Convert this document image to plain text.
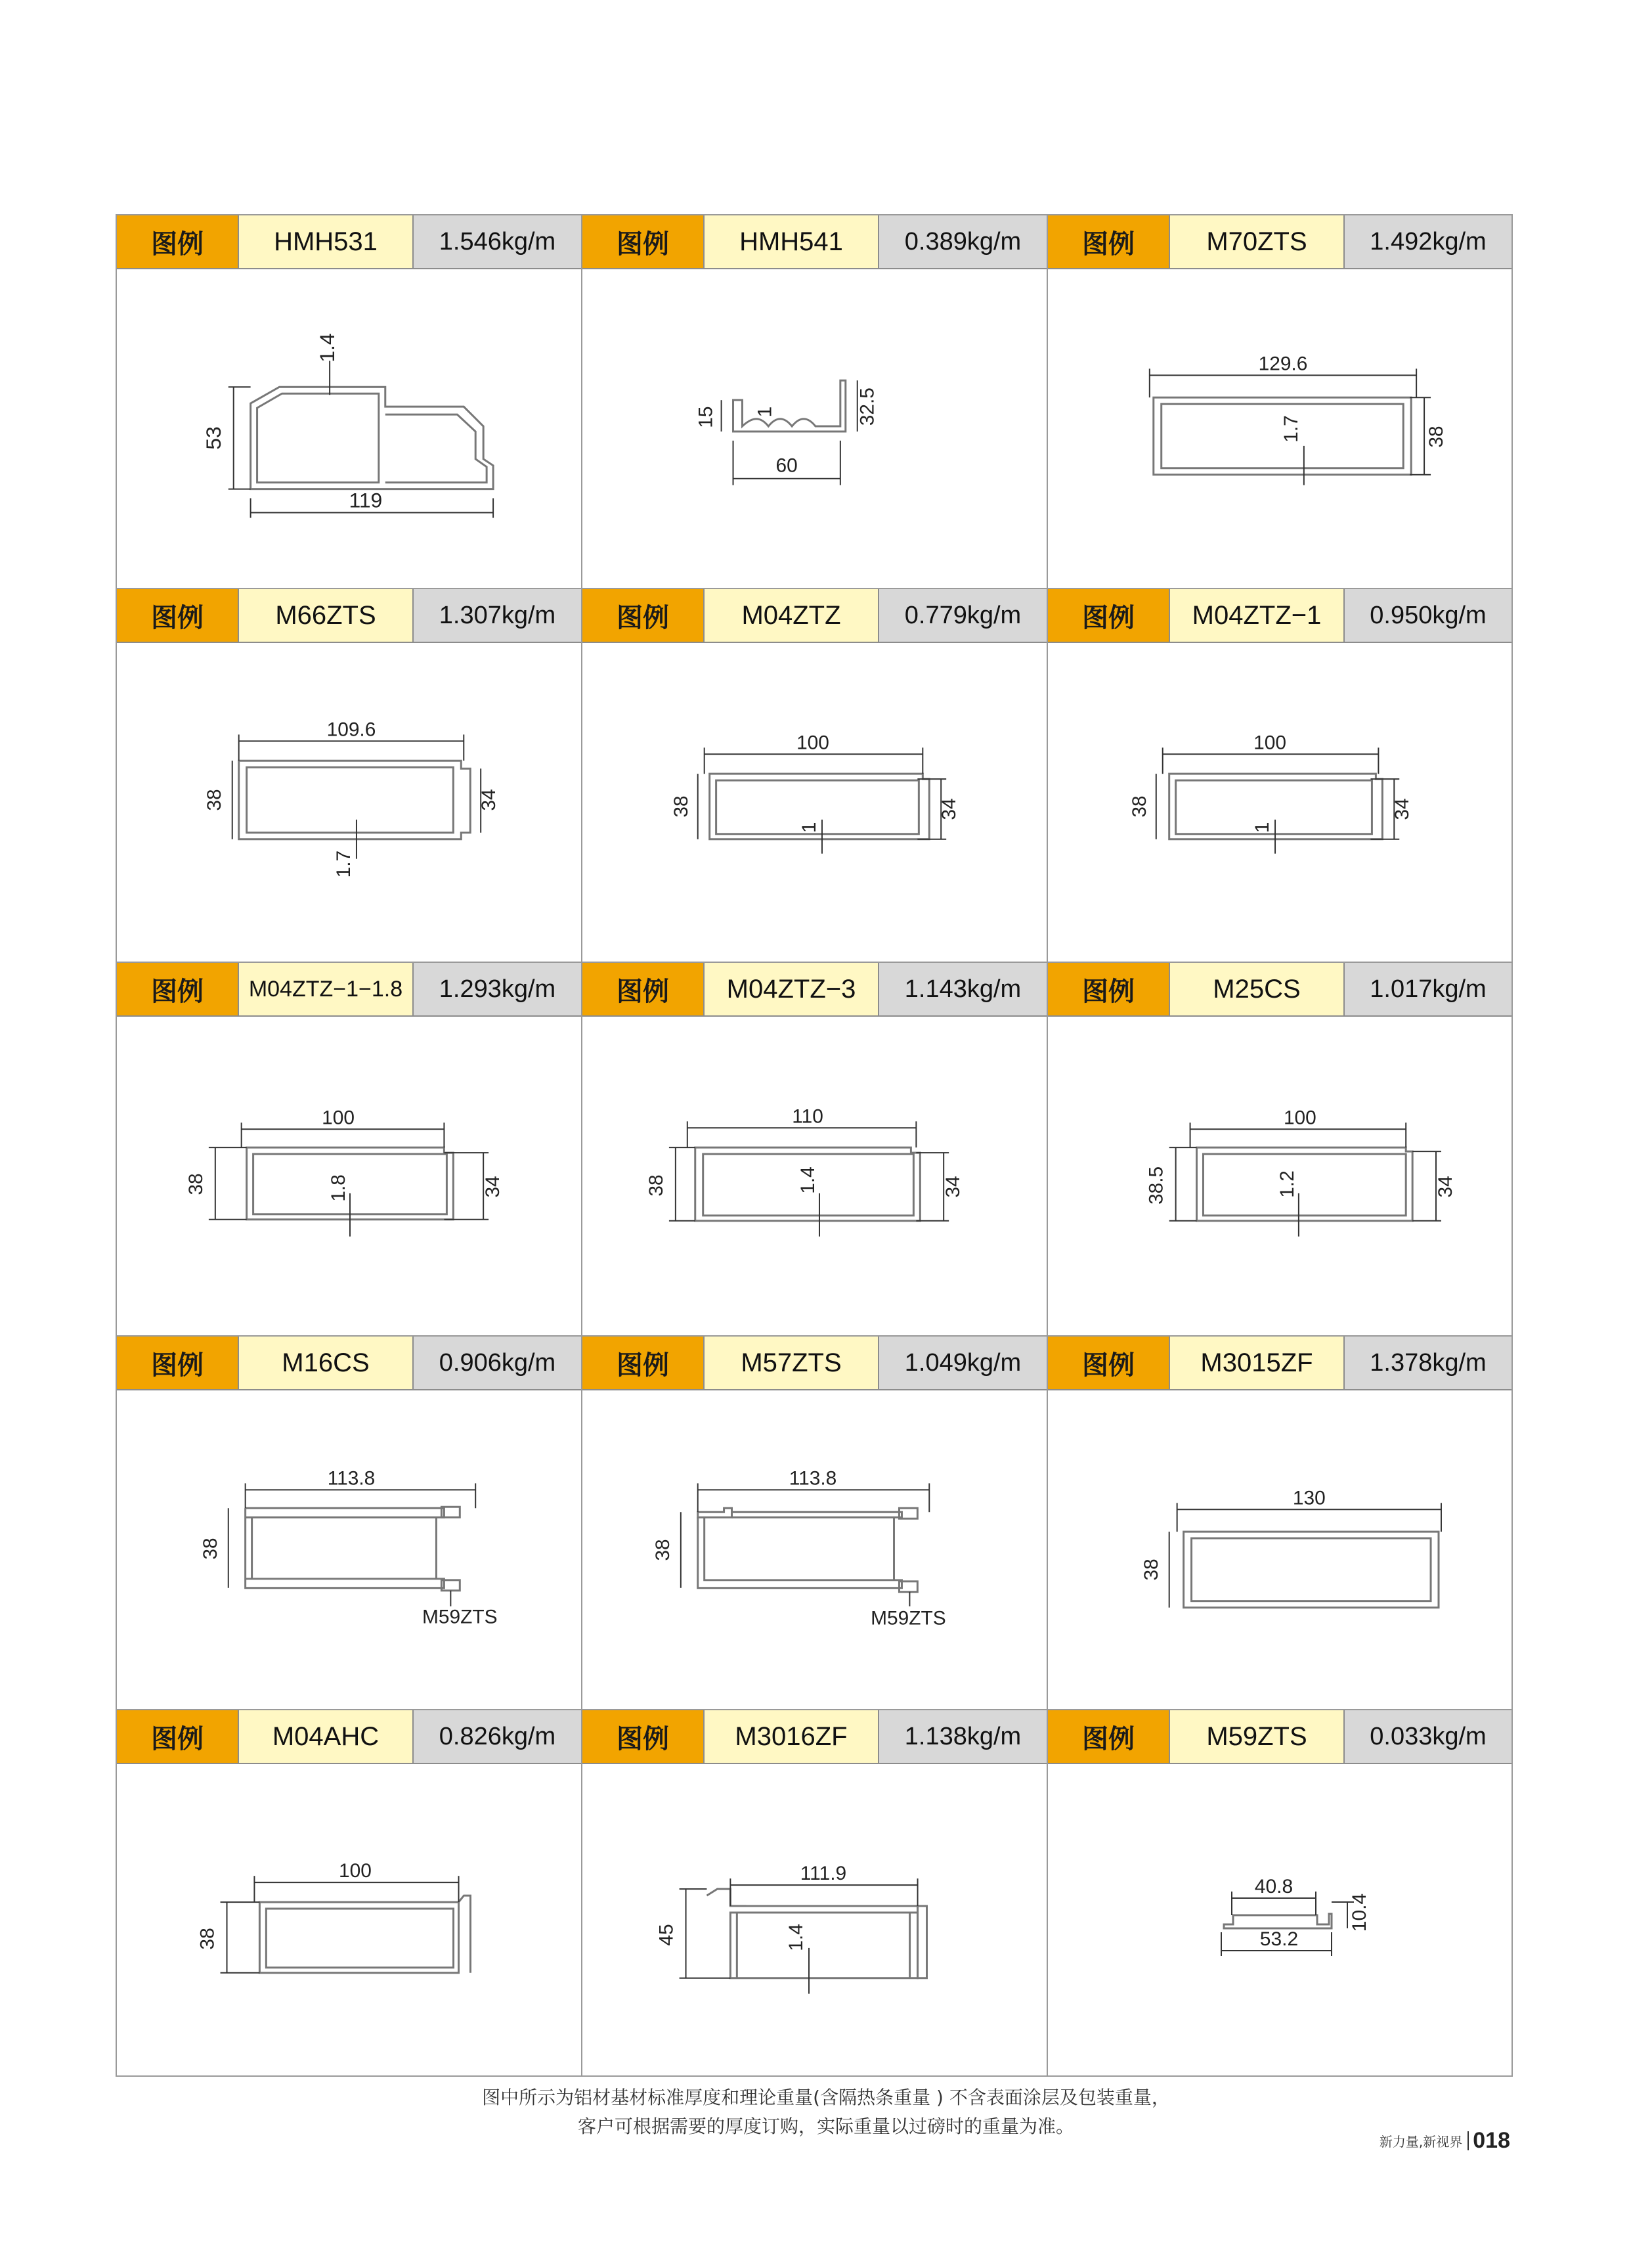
图例	HMH531	1.546kg/m
1.4
53
119
图例	HMH541	0.389kg/m
15 1
60
32.5
图例	M70ZTS	1.492kg/m
129.6
1.7	38
图例	M66ZTS	1.307kg/m
109.6
38	34
1.7
图例	M04ZTZ	0.779kg/m
100
38	34
1
图例	M04ZTZ−1	0.950kg/m
100
38	34
1
图例	M04ZTZ−1−1.8	1.293kg/m
100
38	34
1.8
图例	M04ZTZ−3	1.143kg/m
110
38	34
1.4
图例	M25CS	1.017kg/m
100
38.5	34
1.2
图例	M16CS	0.906kg/m
113.8
38
M59ZTS
图例	M57ZTS	1.049kg/m
113.8
38
M59ZTS
图例	M3015ZF	1.378kg/m
130
38
图例	M04AHC	0.826kg/m
100
38
图例	M3016ZF	1.138kg/m
111.9
45	1.4
图例	M59ZTS	0.033kg/m
40.8
53.2
10.4
图中所示为铝材基材标准厚度和理论重量(含隔热条重量 ) 不含表面涂层及包装重量，
客户可根据需要的厚度订购，实际重量以过磅时的重量为准。
新力量,新视界 018
